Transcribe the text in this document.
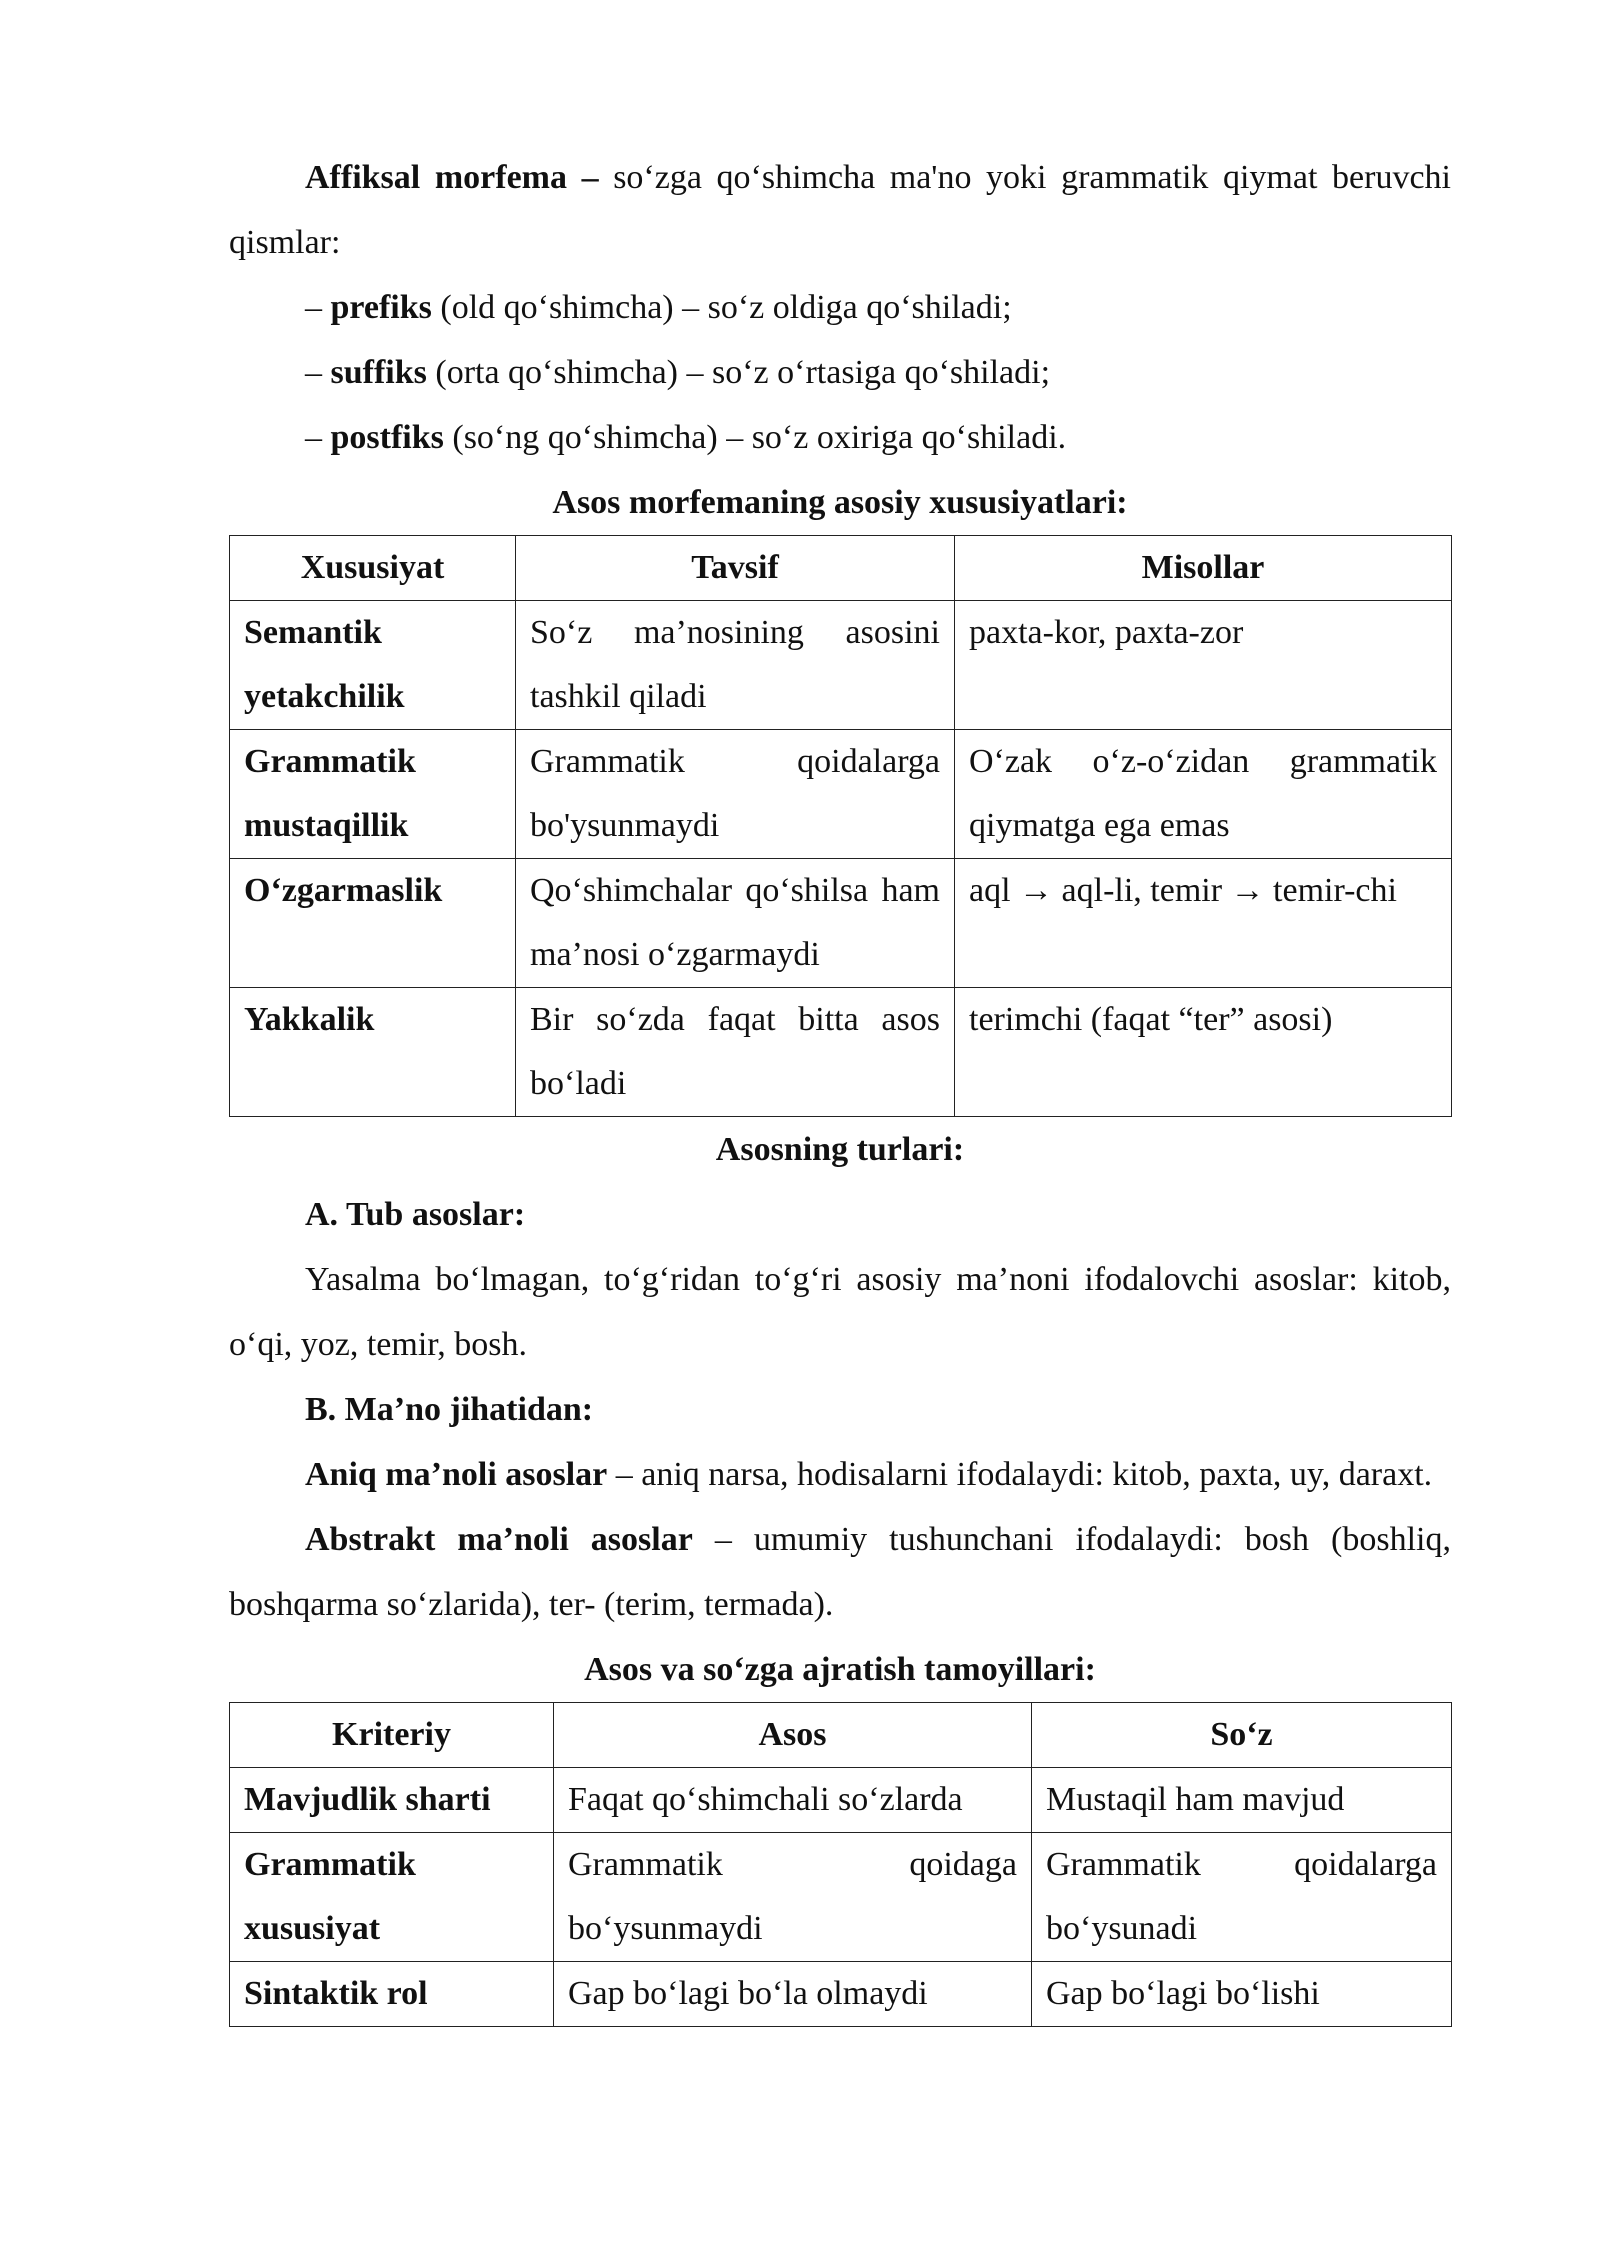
Affiksal morfema – so‘zga qo‘shimcha ma'no yoki grammatik qiymat beruvchi qismlar:

– prefiks (old qo‘shimcha) – so‘z oldiga qo‘shiladi;

– suffiks (orta qo‘shimcha) – so‘z o‘rtasiga qo‘shiladi;

– postfiks (so‘ng qo‘shimcha) – so‘z oxiriga qo‘shiladi.

Asos morfemaning asosiy xususiyatlari:

Xususiyat	Tavsif	Misollar
Semantik yetakchilik	So‘z ma’nosining asosini tashkil qiladi	paxta-kor, paxta-zor
Grammatik mustaqillik	Grammatik qoidalarga bo'ysunmaydi	O‘zak o‘z-o‘zidan grammatik qiymatga ega emas
O‘zgarmaslik	Qo‘shimchalar qo‘shilsa ham ma’nosi o‘zgarmaydi	aql → aql-li, temir → temir-chi
Yakkalik	Bir so‘zda faqat bitta asos bo‘ladi	terimchi (faqat “ter” asosi)

Asosning turlari:

A. Tub asoslar:

Yasalma bo‘lmagan, to‘g‘ridan to‘g‘ri asosiy ma’noni ifodalovchi asoslar: kitob, o‘qi, yoz, temir, bosh.

B. Ma’no jihatidan:

Aniq ma’noli asoslar – aniq narsa, hodisalarni ifodalaydi: kitob, paxta, uy, daraxt.

Abstrakt ma’noli asoslar – umumiy tushunchani ifodalaydi: bosh (boshliq, boshqarma so‘zlarida), ter- (terim, termada).

Asos va so‘zga ajratish tamoyillari:

Kriteriy	Asos	So‘z
Mavjudlik sharti	Faqat qo‘shimchali so‘zlarda	Mustaqil ham mavjud
Grammatik xususiyat	Grammatik qoidaga bo‘ysunmaydi	Grammatik qoidalarga bo‘ysunadi
Sintaktik rol	Gap bo‘lagi bo‘la olmaydi	Gap bo‘lagi bo‘lishi
